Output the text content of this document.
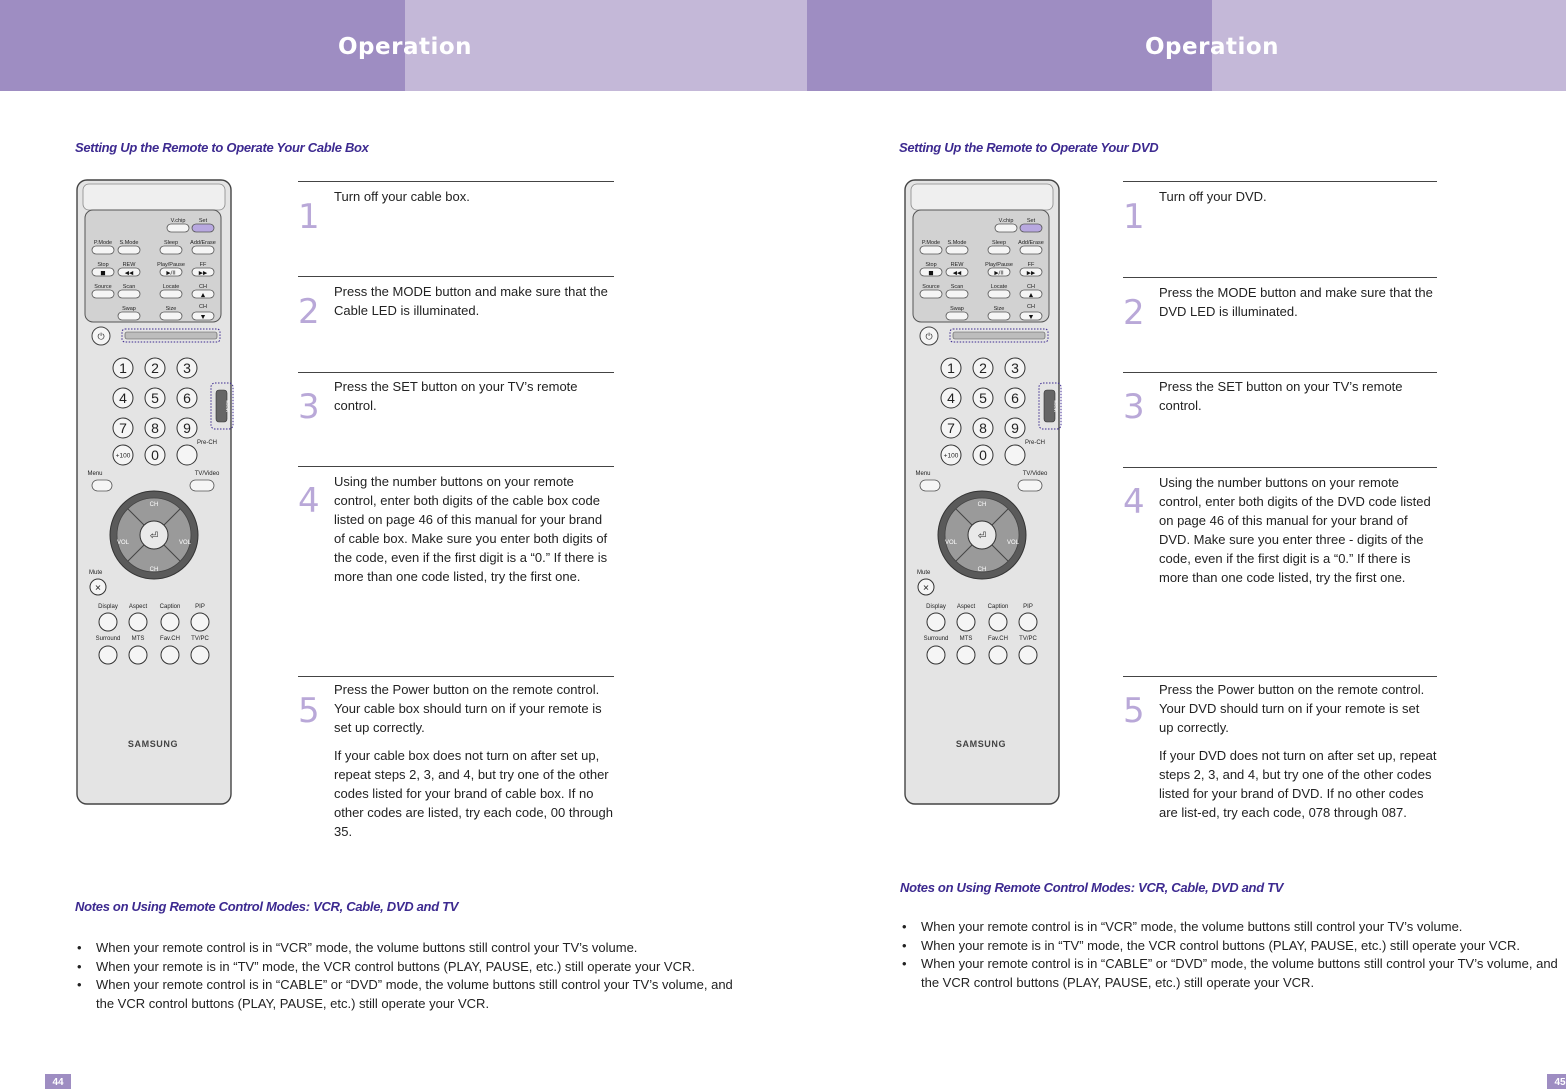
Operation
Setting Up the Remote to Operate Your Cable Box
V.chip Set
P.Mode S.Mode	Sleep Add/Erase
Stop	REW	Play/Pause	FF
■	◀◀	▶/II	▶▶
Source Scan	Locate	CH
▲
Swap	Size	CH
▼
⏻
1 2 3
4 5 6
7 8 9
+100 0
Pre-CH
MODE
Menu	TV/Video
⏎
CH
CH
VOL	VOL
Mute
✕
Display Aspect Caption PIP
Surround MTS	Fav.CH TV/PC
SAMSUNG
1

Turn off your cable box.

2

Press the MODE button and make sure that the Cable LED is illuminated.

3

Press the SET button on your TV’s remote control.

4 Using the number buttons on your remote control, enter both digits of the cable box code listed on page 46 of this manual for your brand of cable box. Make sure you enter both digits of the code, even if the first digit is a “0.” If there is more than one code listed, try the first one.

5

Press the Power button on the remote control. Your cable box should turn on if your remote is set up correctly.

If your cable box does not turn on after set up, repeat steps 2, 3, and 4, but try one of the other codes listed for your brand of cable box. If no other codes are listed, try each code, 00 through 35.

Notes on Using Remote Control Modes: VCR, Cable, DVD and TV
• When your remote control is in “VCR” mode, the volume buttons still control your TV’s volume.
• When your remote is in “TV” mode, the VCR control buttons (PLAY, PAUSE, etc.) still operate your VCR.
• When your remote control is in “CABLE” or “DVD” mode, the volume buttons still control your TV’s volume, and the VCR control buttons (PLAY, PAUSE, etc.) still operate your VCR.
44
Operation
Setting Up the Remote to Operate Your DVD
V.chip Set
P.Mode S.Mode	Sleep Add/Erase
Stop	REW	Play/Pause	FF
■	◀◀	▶/II	▶▶
Source Scan	Locate	CH
▲
Swap	Size	CH
▼
⏻
1 2 3
4 5 6
7 8 9
+100 0
Pre-CH
MODE
Menu	TV/Video
⏎
CH
CH
VOL	VOL
Mute
✕
Display Aspect Caption PIP
Surround MTS	Fav.CH TV/PC
SAMSUNG
1

Turn off your DVD.

2

Press the MODE button and make sure that the DVD LED is illuminated.

3

Press the SET button on your TV’s remote control.

4 Using the number buttons on your remote control, enter both digits of the DVD code listed on page 46 of this manual for your brand of DVD. Make sure you enter three - digits of the code, even if the first digit is a “0.” If there is more than one code listed, try the first one.

5

Press the Power button on the remote control. Your DVD should turn on if your remote is set up correctly.

If your DVD does not turn on after set up, repeat steps 2, 3, and 4, but try one of the other codes listed for your brand of DVD. If no other codes are list-ed, try each code, 078 through 087.

Notes on Using Remote Control Modes: VCR, Cable, DVD and TV
• When your remote control is in “VCR” mode, the volume buttons still control your TV’s volume.
• When your remote is in “TV” mode, the VCR control buttons (PLAY, PAUSE, etc.) still operate your VCR.
• When your remote control is in “CABLE” or “DVD” mode, the volume buttons still control your TV’s volume, and the VCR control buttons (PLAY, PAUSE, etc.) still operate your VCR.
45
